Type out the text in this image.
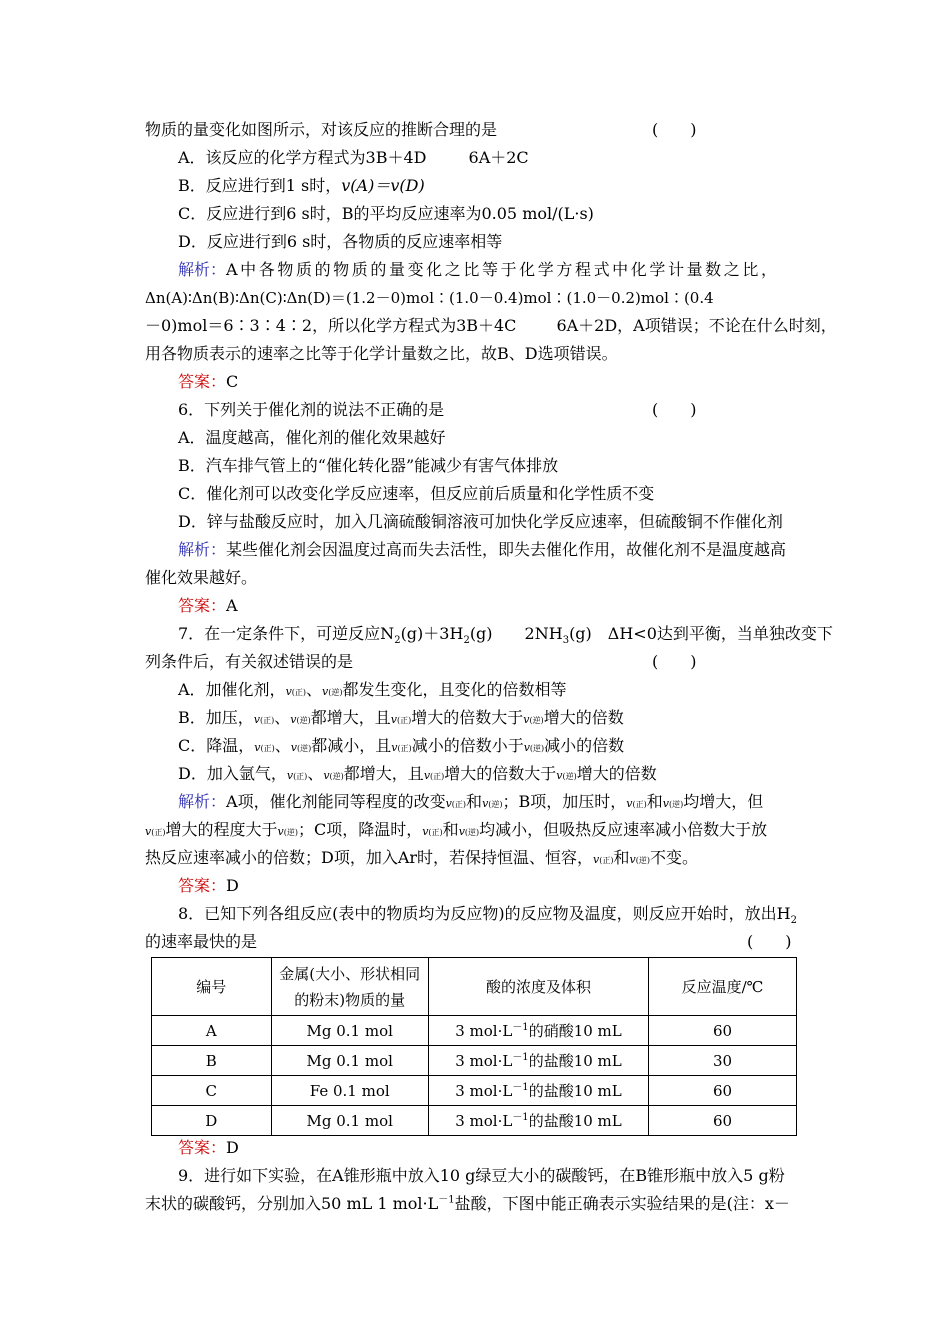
物质的量变化如图所示，对该反应的推断合理的是	(　　)
A．该反应的化学方程式为3B＋4D	6A＋2C
B．反应进行到1 s时，v(A)＝v(D)
C．反应进行到6 s时，B的平均反应速率为0.05 mol/(L·s)
D．反应进行到6 s时，各物质的反应速率相等
解析：A中各物质的物质的量变化之比等于化学方程式中化学计量数之比，
Δn(A)∶Δn(B)∶Δn(C)∶Δn(D)＝(1.2－0)mol∶(1.0－0.4)mol∶(1.0－0.2)mol∶(0.4
－0)mol＝6∶3∶4∶2，所以化学方程式为3B＋4C	6A＋2D，A项错误；不论在什么时刻，
用各物质表示的速率之比等于化学计量数之比，故B、D选项错误。
答案：C
6．下列关于催化剂的说法不正确的是	(　　)
A．温度越高，催化剂的催化效果越好
B．汽车排气管上的“催化转化器”能减少有害气体排放
C．催化剂可以改变化学反应速率，但反应前后质量和化学性质不变
D．锌与盐酸反应时，加入几滴硫酸铜溶液可加快化学反应速率，但硫酸铜不作催化剂
解析：某些催化剂会因温度过高而失去活性，即失去催化作用，故催化剂不是温度越高
催化效果越好。
答案：A
7．在一定条件下，可逆反应$N_2(g)+3H_2(g)$ $2NH_3(g)$　ΔH<0达到平衡，当单独改变下
列条件后，有关叙述错误的是	(　　)
A．加催化剂，v(正)、v(逆)都发生变化，且变化的倍数相等
B．加压，v(正)、v(逆)都增大，且v(正)增大的倍数大于v(逆)增大的倍数
C．降温，v(正)、v(逆)都减小，且v(正)减小的倍数小于v(逆)减小的倍数
D．加入氩气，v(正)、v(逆)都增大，且v(正)增大的倍数大于v(逆)增大的倍数
解析：A项，催化剂能同等程度的改变v(正)和v(逆)；B项，加压时，v(正)和v(逆)均增大，但
v(正)增大的程度大于v(逆)；C项，降温时，v(正)和v(逆)均减小，但吸热反应速率减小倍数大于放
热反应速率减小的倍数；D项，加入Ar时，若保持恒温、恒容，v(正)和v(逆)不变。
答案：D
8．已知下列各组反应(表中的物质均为反应物)的反应物及温度，则反应开始时，放出$H_2$
的速率最快的是	(　　)
编号	金属(大小、形状相同
的粉末)物质的量	酸的浓度及体积	反应温度/℃
A	Mg 0.1 mol	3 $mol\cdot L^{-1}$的硝酸10 mL	60
B	Mg 0.1 mol	3 $mol\cdot L^{-1}$的盐酸10 mL	30
C	Fe 0.1 mol	3 $mol\cdot L^{-1}$的盐酸10 mL	60
D	Mg 0.1 mol	3 $mol\cdot L^{-1}$的盐酸10 mL	60
答案：D
9．进行如下实验，在A锥形瓶中放入10 g绿豆大小的碳酸钙，在B锥形瓶中放入5 g粉
末状的碳酸钙，分别加入50 mL 1 $mol\cdot L^{-1}$盐酸，下图中能正确表示实验结果的是(注：x－
